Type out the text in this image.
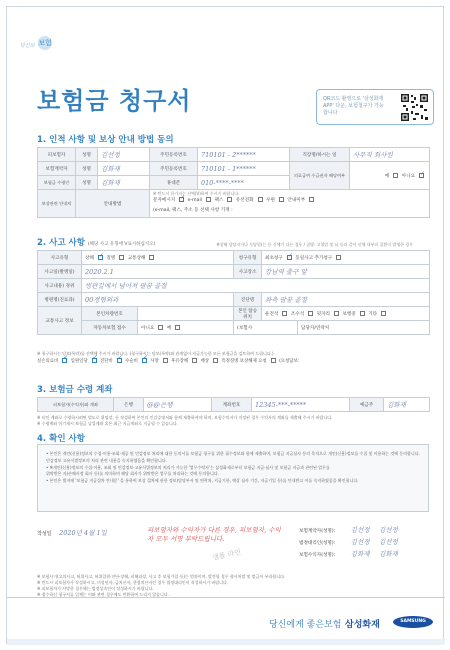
당신의 보험
보험금 청구서	QR코드 촬영으로 '삼성화재APP' 다운, 보험청구가 가능합니다
1. 인적 사항 및 보상 안내 방법 동의
피보험자	성명	김선정	주민등록번호	710101 - 2******	직장명/하시는 일	사무직 회사원
보험계약자	성명	김화재	주민등록번호	710101 - 1******	의료급여 수급권자 해당여부	예 아니요✓
보험금 수령인	성명	김화재	휴대폰	010-****-****		
보상관련 안내처	안내방법		※ 반드시 한가지는 선택(V)하여 주시기 바랍니다.
문자메시지 ✓ e-mail 팩스 유선전화 우편 안내미부
			(e-mail, 팩스, 주소 등 선택 사항 기재 :			
2. 사고 사항 (해당 사고 유형에 V표시하십시오)	※상해 담당자가나 무당원(는 등 신체기 다른 경우 / 질병: 고혈압 및 뇌 등과 같이 신체 내부의 질환이 발생한 경우
사고유형	상해 ✓ 질병 교통상해		청구유형	최초청구 ✓ 동일사고 추가청구
사고일(발병일)	2020.2.1		사고장소	강남역 출구 앞	
사고내용) 경위	빙판길에서 넘어져 팔꿈 골절				
병원명(진료과)	00정형외과		진단명	좌측 팔꿈 골절	
교통사고 정보	본인차량번호		본인 탑승위치	운전석 조수석 뒷자리 보행중 기타	
	자동차보험 접수	아니요 예	(보험사		담당자/연락처
※ 청구하시는 담보(특약)를 선택해 주시기 바랍니다. (청구하시는 담보(특약)와 관계없이 지급가능한 모든 보험금을 검토하여 드립니다.)
실손의료비 ✓	입원일당 ✓	진단비 ✓	수술비 ✓	사망	후유장해	배상	특정질병 보상해제 요청	(요청담보:
3. 보험금 수령 계좌
피보험자(수익자)와 계좌	은행	@@은행	계좌번호	12345-***-*****	예금주	김화재
※ 타인 계좌로 수령하시려면 별도로 위임장, 등 작성하여 본인의 인감증명서와 함께 제출하셔야 하며, 보험수익자가 지정된 경우 수익자의 계좌를 제출해 주시기 바랍니다.
※ 수령계좌 미기재시 보험금 납입계좌 혹은 최근 지급계좌로 지급될 수 있습니다.
4. 확인 사항
• 본인은 개인(신용)정보의 수집·이용·조회·제공 및 민감정보 처리에 대한 동의서를 보험금 청구를 위한 필수정보와 함께 제출하며, 보험금 지급심사 등의 목적으로 개인(신용)정보를 수집 및 이용하는 것에 동의합니다.
민감정보 고유식별정보의 처리 관련 내용을 숙지하였음을 확인합니다.
• ※개인(신용)정보의 수집·이용, 조회 및 민감정보·고유식별정보의 처리가 가능한 '업무수탁자'는 삼성화재로부터 보험금 지급·심사 및 보험금 지급과 관련된 업무를
위탁받은 자(손해사정 회사 등)를 의미하며 해당 회사가 위탁받은 업무를 처리하는 것에 동의합니다.
• 본인은 별지에 '보험금 지급절차 안내문' 을 통하여 보상 절차에 관한 정보(담당부서 및 연락처, 지급기한, 예상 심사 기간, 지급기일 등)를 안내받고 이를 숙지하였음을 확인합니다.
작성일 2020년 4월 1일	피보험자와 수익자가 다른 경우, 피보험자, 수익자 모두 서명 부탁드립니다.
샘플 라인
보험계약자(성명): 김선정 김선정
법정대리인(성명): 김선정 김선정
보험수익자(성명): 김화재 김화재
※ 보험사기(고의사고, 허위사고, 허위입원·진단·장해, 피해과장, 사고 후 보험가입 등)는 범죄이며, 발견될 경우 형사처벌 및 벌금이 부과됩니다.
※ 반드시 피보험자가 작성하시고, 미성년자, 금치산자, 한정치산자인 경우 법정대리인이 작성하시기 바랍니다.
※ 피보험자가 사망한 경우에는 법정상속인이 작성하시기 바랍니다.
※ 접수하신 청구서류 일체는 이와 관련 경우에도 반환하여 드리지 않습니다.
당신에게 좋은보험 삼성화재	SAMSUNG
